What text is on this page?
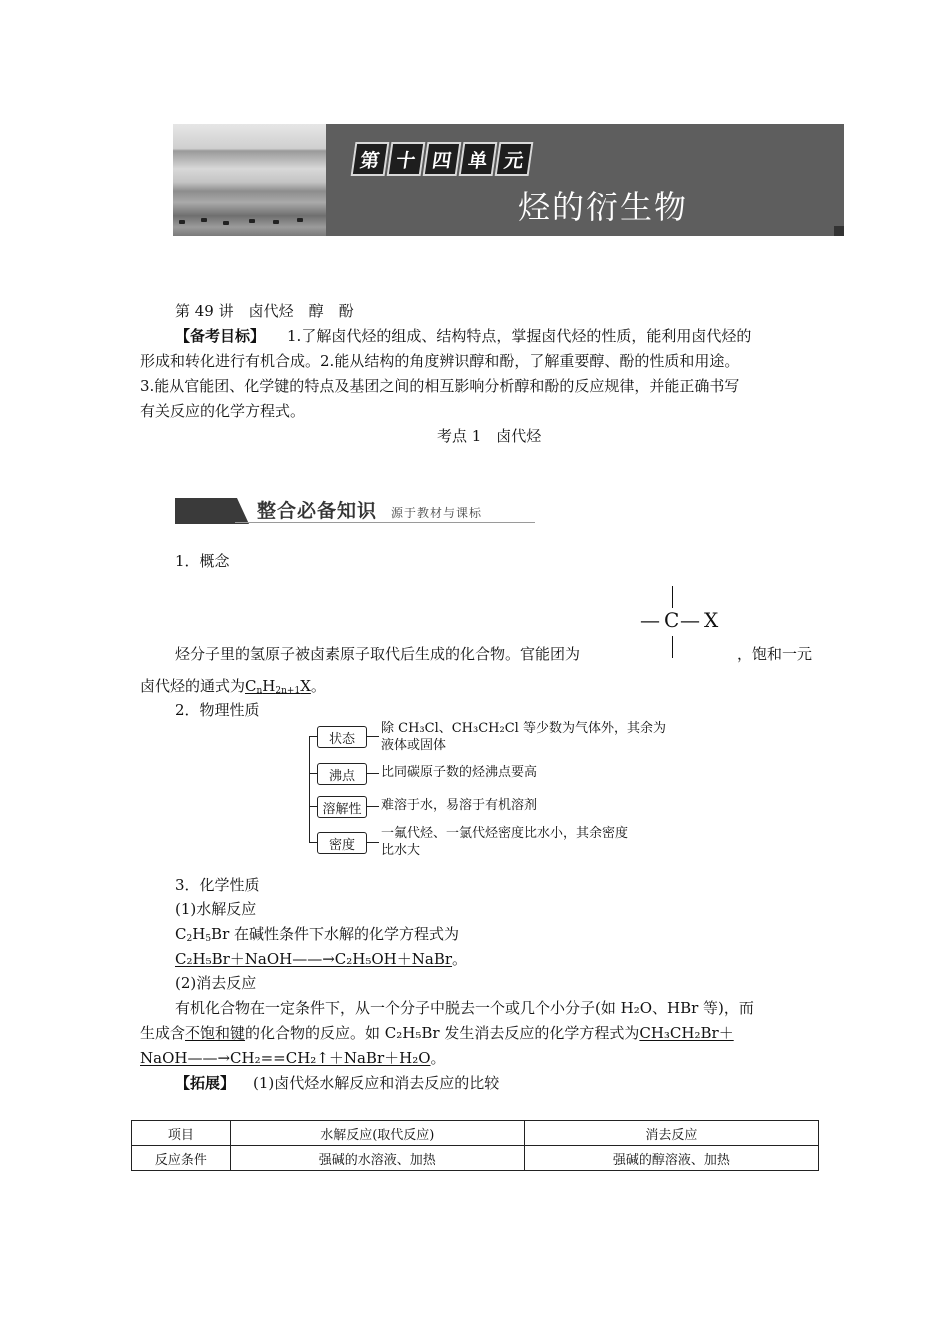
第 十 四 单 元
烃的衍生物
第 49 讲　卤代烃　醇　酚
【备考目标】 1.了解卤代烃的组成、结构特点，掌握卤代烃的性质，能利用卤代烃的
形成和转化进行有机合成。2.能从结构的角度辨识醇和酚，了解重要醇、酚的性质和用途。
3.能从官能团、化学键的特点及基团之间的相互影响分析醇和酚的反应规律，并能正确书写
有关反应的化学方程式。
考点 1　卤代烃
整合必备知识 源于教材与课标
1．概念
— C — X
烃分子里的氢原子被卤素原子取代后生成的化合物。官能团为	，饱和一元
卤代烃的通式为$C_nH_{2n+1}X$。
2．物理性质
状态
除 CH₃Cl、CH₃CH₂Cl 等少数为气体外，其余为
液体或固体
沸点	比同碳原子数的烃沸点要高
溶解性	难溶于水，易溶于有机溶剂
密度
一氟代烃、一氯代烃密度比水小，其余密度
比水大
3．化学性质
(1)水解反应
$C_2H_5Br$ 在碱性条件下水解的化学方程式为
C₂H₅Br＋NaOH——→C₂H₅OH＋NaBr。
(2)消去反应
有机化合物在一定条件下，从一个分子中脱去一个或几个小分子(如 H₂O、HBr 等)，而
生成含不饱和键的化合物的反应。如 C₂H₅Br 发生消去反应的化学方程式为CH₃CH₂Br＋
NaOH——→CH₂==CH₂↑＋NaBr＋H₂O。
【拓展】 (1)卤代烃水解反应和消去反应的比较
项目	水解反应(取代反应)	消去反应
反应条件	强碱的水溶液、加热	强碱的醇溶液、加热
